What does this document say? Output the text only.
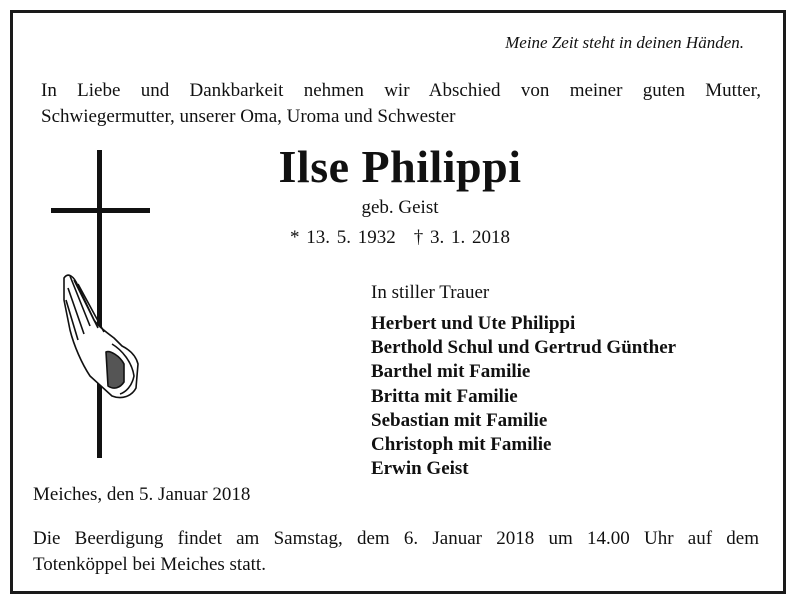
Meine Zeit steht in deinen Händen.
In Liebe und Dankbarkeit nehmen wir Abschied von meiner guten Mutter,
Schwiegermutter, unserer Oma, Uroma und Schwester
Ilse Philippi
geb. Geist
* 13. 5. 1932 † 3. 1. 2018
In stiller Trauer
Herbert und Ute Philippi
Berthold Schul und Gertrud Günther
Barthel mit Familie
Britta mit Familie
Sebastian mit Familie
Christoph mit Familie
Erwin Geist
Meiches, den 5. Januar 2018
Die Beerdigung findet am Samstag, dem 6. Januar 2018 um 14.00 Uhr auf dem
Totenköppel bei Meiches statt.
